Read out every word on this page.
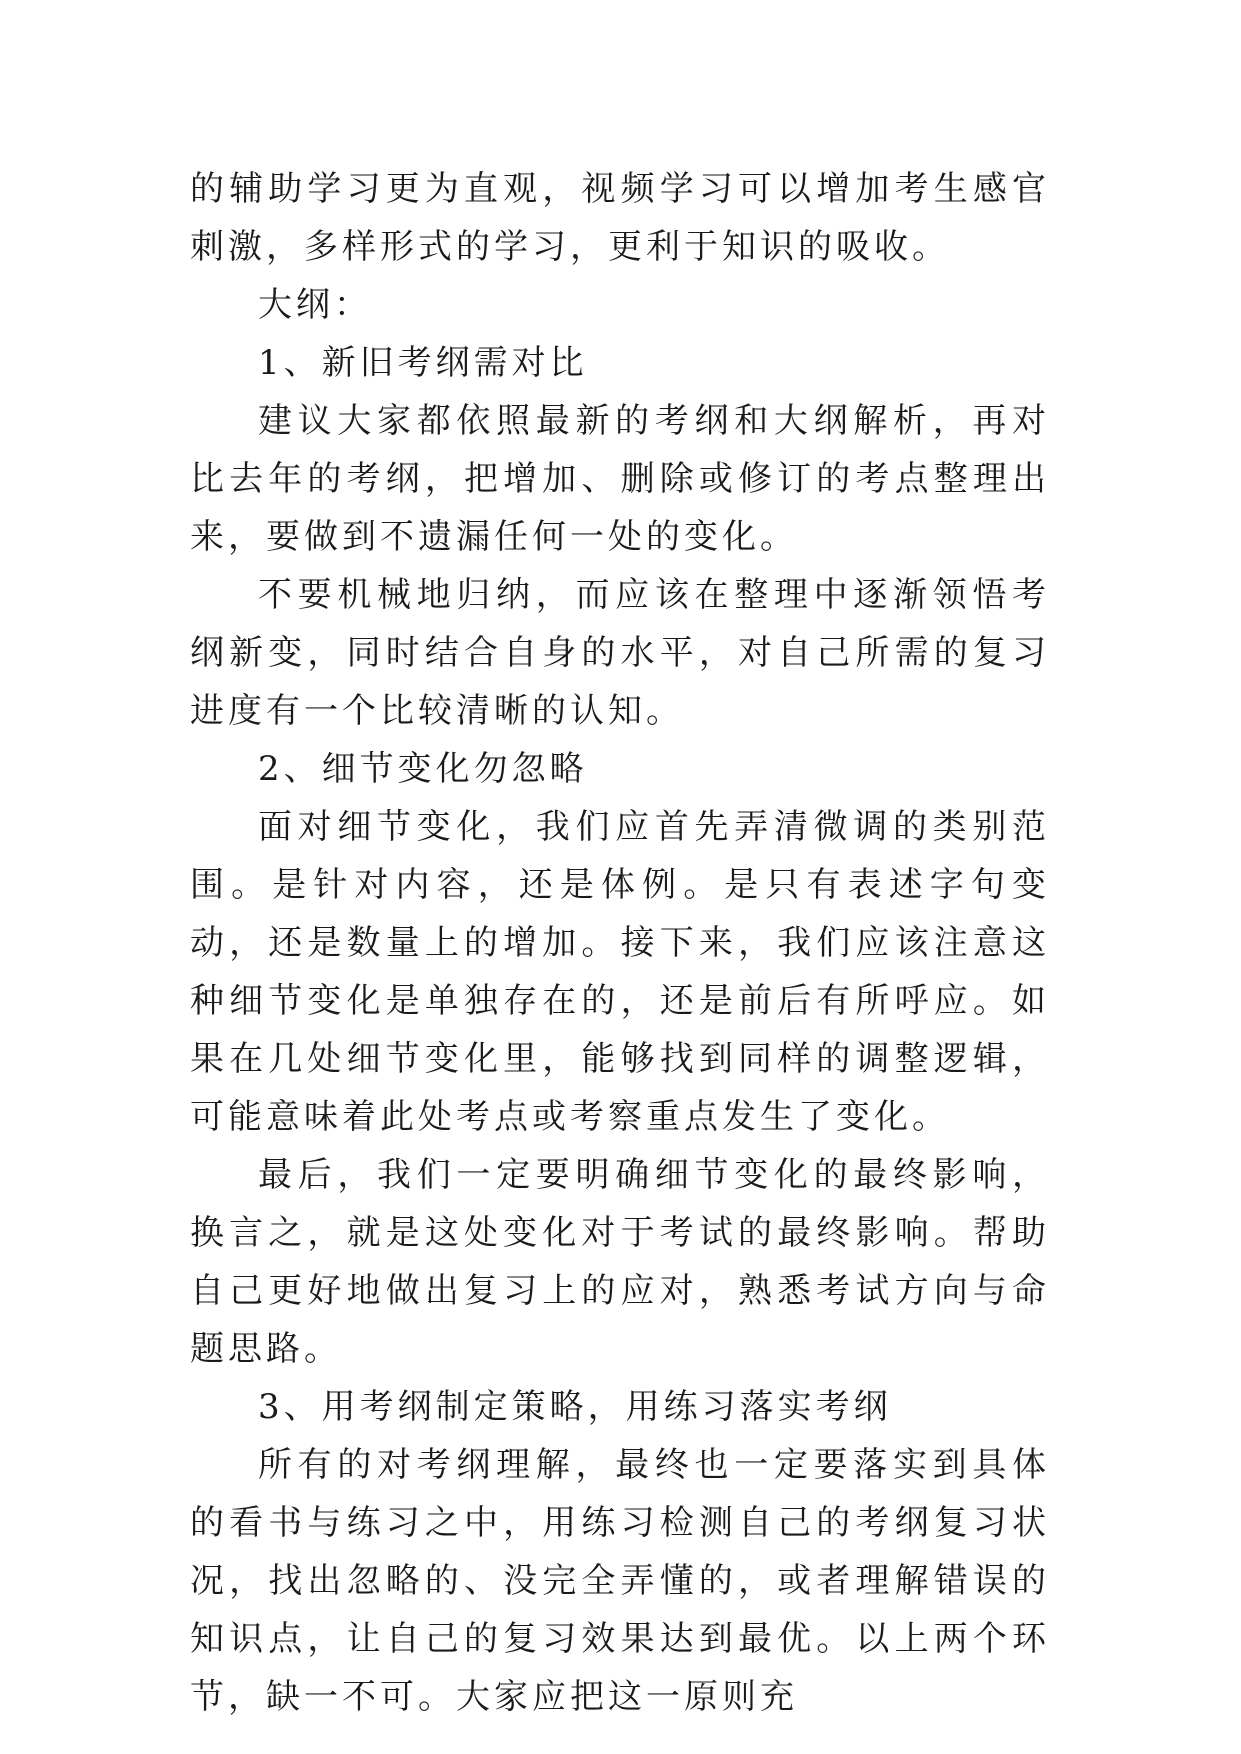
的辅助学习更为直观，视频学习可以增加考生感官刺激，多样形式的学习，更利于知识的吸收。

大纲：

1、新旧考纲需对比

建议大家都依照最新的考纲和大纲解析，再对比去年的考纲，把增加、删除或修订的考点整理出来，要做到不遗漏任何一处的变化。

不要机械地归纳，而应该在整理中逐渐领悟考纲新变，同时结合自身的水平，对自己所需的复习进度有一个比较清晰的认知。

2、细节变化勿忽略

面对细节变化，我们应首先弄清微调的类别范围。是针对内容，还是体例。是只有表述字句变动，还是数量上的增加。接下来，我们应该注意这种细节变化是单独存在的，还是前后有所呼应。如果在几处细节变化里，能够找到同样的调整逻辑，可能意味着此处考点或考察重点发生了变化。

最后，我们一定要明确细节变化的最终影响，换言之，就是这处变化对于考试的最终影响。帮助自己更好地做出复习上的应对，熟悉考试方向与命题思路。

3、用考纲制定策略，用练习落实考纲

所有的对考纲理解，最终也一定要落实到具体的看书与练习之中，用练习检测自己的考纲复习状况，找出忽略的、没完全弄懂的，或者理解错误的知识点，让自己的复习效果达到最优。以上两个环节，缺一不可。大家应把这一原则充
